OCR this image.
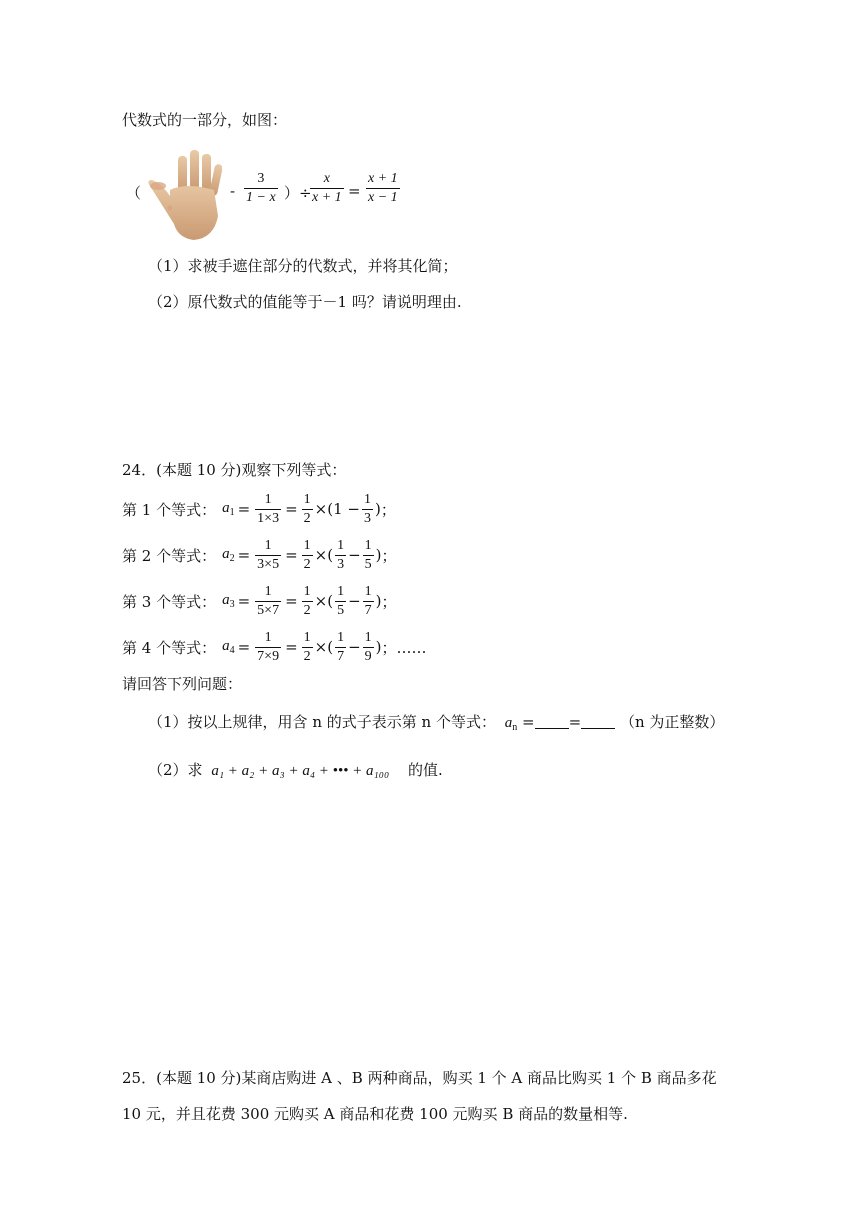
代数式的一部分，如图：
（	- $\frac{3}{1 - x}$ ）÷
$\frac{x}{x + 1} = \frac{x + 1}{x - 1}$
（1）求被手遮住部分的代数式，并将其化简；
（2）原代数式的值能等于－1 吗？请说明理由.
24．(本题 10 分)观察下列等式：
第 1 个等式： $a_1 = \frac{1}{1\times 3} = \frac{1}{2}$ × ( $1 - \frac{1}{3}$ ) ；
第 2 个等式： $a_2 = \frac{1}{3\times 5} = \frac{1}{2}$ × ( $\frac{1}{3} - \frac{1}{5}$ ) ；
第 3 个等式： $a_3 = \frac{1}{5\times 7} = \frac{1}{2}$ × ( $\frac{1}{5} - \frac{1}{7}$ ) ；
第 4 个等式： $a_4 = \frac{1}{7\times 9} = \frac{1}{2}$ × ( $\frac{1}{7} - \frac{1}{9}$ ) ；……
请回答下列问题：
（1）按以上规律，用含 n 的式子表示第 n 个等式： $a_n$ = =	（n 为正整数）
（2）求 a₁ + a₂ + a₃ + a₄ + ••• + a₁₀₀ 的值.
25．(本题 10 分)某商店购进 A 、B 两种商品，购买 1 个 A 商品比购买 1 个 B 商品多花
10 元，并且花费 300 元购买 A 商品和花费 100 元购买 B 商品的数量相等.
